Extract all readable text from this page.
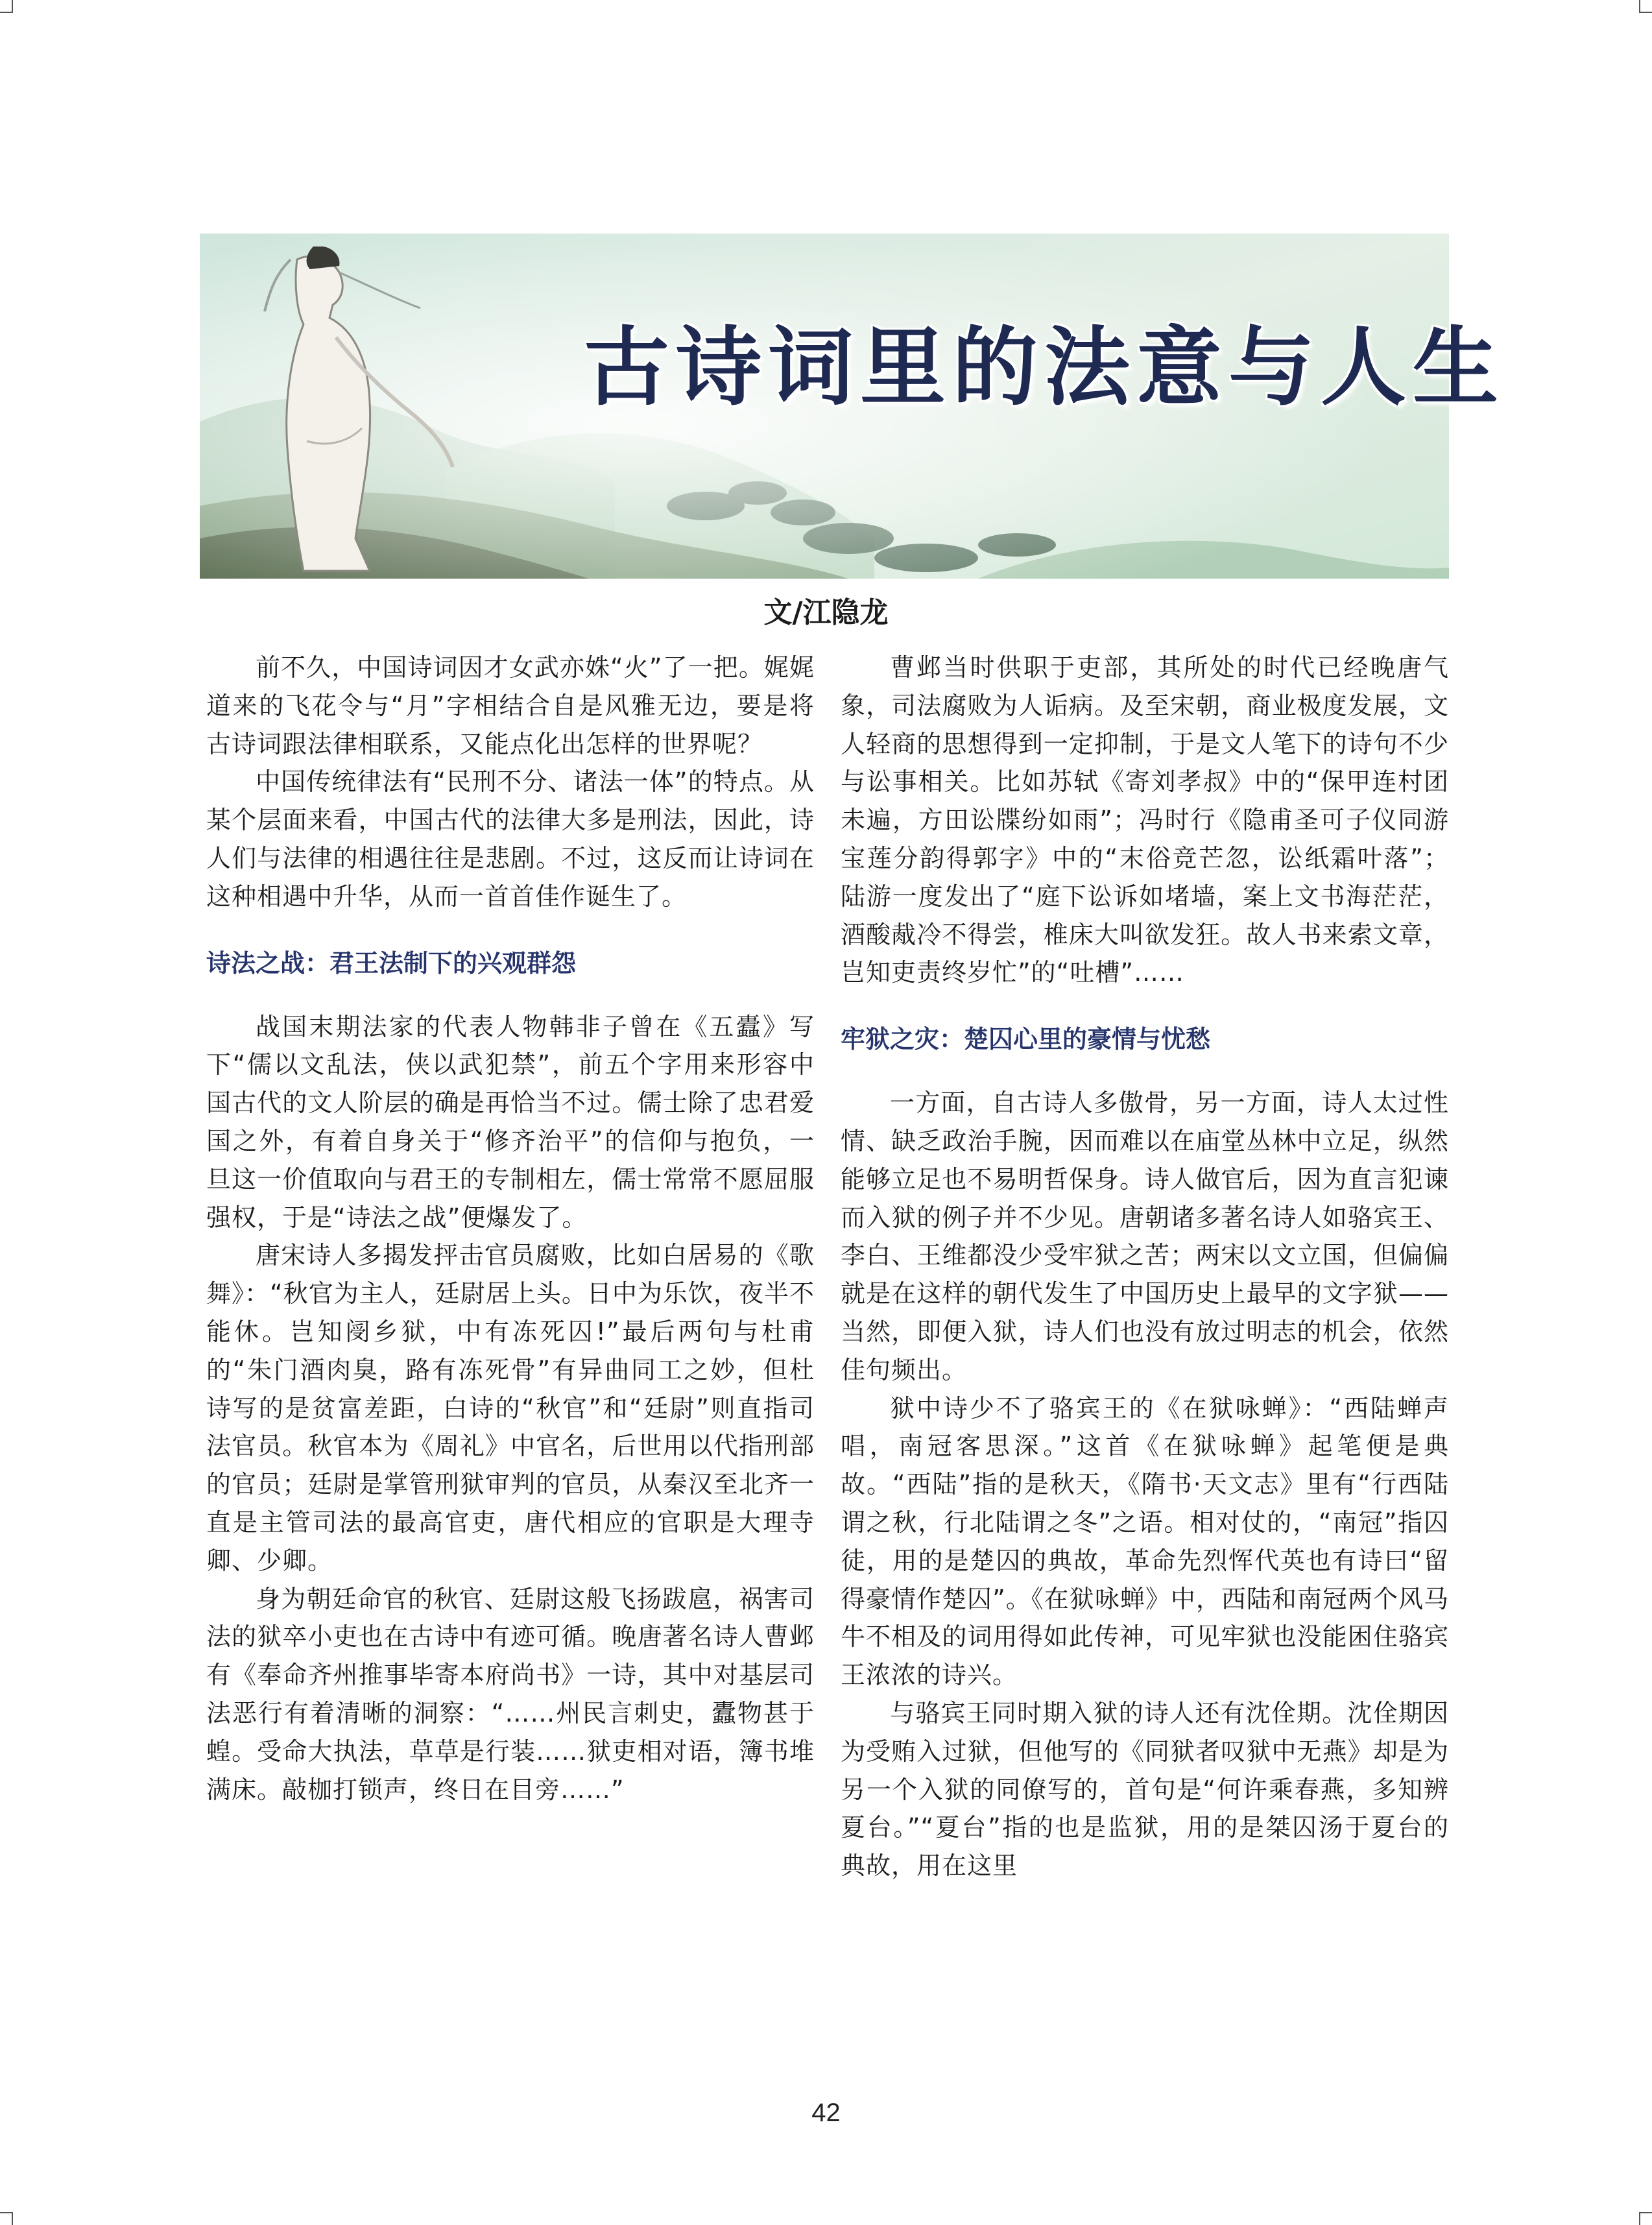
古诗词里的法意与人生
文/江隐龙

前不久，中国诗词因才女武亦姝“火”了一把。娓娓道来的飞花令与“月”字相结合自是风雅无边，要是将古诗词跟法律相联系，又能点化出怎样的世界呢？

中国传统律法有“民刑不分、诸法一体”的特点。从某个层面来看，中国古代的法律大多是刑法，因此，诗人们与法律的相遇往往是悲剧。不过，这反而让诗词在这种相遇中升华，从而一首首佳作诞生了。

诗法之战：君王法制下的兴观群怨

战国末期法家的代表人物韩非子曾在《五蠹》写下“儒以文乱法，侠以武犯禁”，前五个字用来形容中国古代的文人阶层的确是再恰当不过。儒士除了忠君爱国之外，有着自身关于“修齐治平”的信仰与抱负，一旦这一价值取向与君王的专制相左，儒士常常不愿屈服强权，于是“诗法之战”便爆发了。

唐宋诗人多揭发抨击官员腐败，比如白居易的《歌舞》：“秋官为主人，廷尉居上头。日中为乐饮，夜半不能休。岂知阌乡狱，中有冻死囚!”最后两句与杜甫的“朱门酒肉臭，路有冻死骨”有异曲同工之妙，但杜诗写的是贫富差距，白诗的“秋官”和“廷尉”则直指司法官员。秋官本为《周礼》中官名，后世用以代指刑部的官员；廷尉是掌管刑狱审判的官员，从秦汉至北齐一直是主管司法的最高官吏，唐代相应的官职是大理寺卿、少卿。

身为朝廷命官的秋官、廷尉这般飞扬跋扈，祸害司法的狱卒小吏也在古诗中有迹可循。晚唐著名诗人曹邺有《奉命齐州推事毕寄本府尚书》一诗，其中对基层司法恶行有着清晰的洞察：“……州民言刺史，蠹物甚于蝗。受命大执法，草草是行装……狱吏相对语，簿书堆满床。敲枷打锁声，终日在目旁……”

曹邺当时供职于吏部，其所处的时代已经晚唐气象，司法腐败为人诟病。及至宋朝，商业极度发展，文人轻商的思想得到一定抑制，于是文人笔下的诗句不少与讼事相关。比如苏轼《寄刘孝叔》中的“保甲连村团未遍，方田讼牒纷如雨”；冯时行《隐甫圣可子仪同游宝莲分韵得郭字》中的“末俗竞芒忽，讼纸霜叶落”；陆游一度发出了“庭下讼诉如堵墙，案上文书海茫茫，酒酸胾冷不得尝，椎床大叫欲发狂。故人书来索文章，岂知吏责终岁忙”的“吐槽”……

牢狱之灾：楚囚心里的豪情与忧愁

一方面，自古诗人多傲骨，另一方面，诗人太过性情、缺乏政治手腕，因而难以在庙堂丛林中立足，纵然能够立足也不易明哲保身。诗人做官后，因为直言犯谏而入狱的例子并不少见。唐朝诸多著名诗人如骆宾王、李白、王维都没少受牢狱之苦；两宋以文立国，但偏偏就是在这样的朝代发生了中国历史上最早的文字狱——当然，即便入狱，诗人们也没有放过明志的机会，依然佳句频出。

狱中诗少不了骆宾王的《在狱咏蝉》：“西陆蝉声唱，南冠客思深。”这首《在狱咏蝉》起笔便是典故。“西陆”指的是秋天，《隋书·天文志》里有“行西陆谓之秋，行北陆谓之冬”之语。相对仗的，“南冠”指囚徒，用的是楚囚的典故，革命先烈恽代英也有诗曰“留得豪情作楚囚”。《在狱咏蝉》中，西陆和南冠两个风马牛不相及的词用得如此传神，可见牢狱也没能困住骆宾王浓浓的诗兴。

与骆宾王同时期入狱的诗人还有沈佺期。沈佺期因为受贿入过狱，但他写的《同狱者叹狱中无燕》却是为另一个入狱的同僚写的，首句是“何许乘春燕，多知辨夏台。”“夏台”指的也是监狱，用的是桀囚汤于夏台的典故，用在这里

42
